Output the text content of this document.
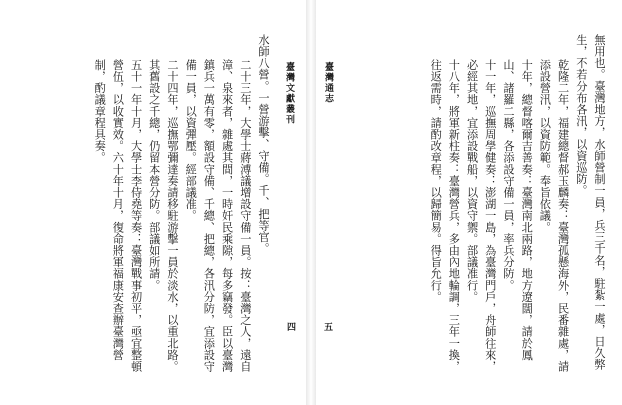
臺灣文獻叢刊

水師八營。一營游擊、守備。千、把等官。

二十三年，大學士蔣溥議增設守備一員。按：臺灣之人，遠自漳、泉來者，雜處其間，一時奸民乘隙，每多竊發。臣以臺灣鎮兵一萬有零，額設守備、千總、把總，各汛分防，宜添設守備一員，以資彈壓。經部議准。

二十四年，巡撫鄂彌達奏請移駐游擊一員於淡水，以重北路。其舊設之千總，仍留本營分防。部議如所請。

五十一年十月，大學士李侍堯等奏：臺灣戰事初平，亟宜整頓營伍，以收實效。六十年十月，復命將軍福康安查辦臺灣營制，酌議章程具奏。

四	無用也。臺灣地方，水師營制一員，兵三千名，駐紮一處，日久弊生，不若分布各汛，以資巡防。

乾隆二年，福建總督郝玉麟奏：臺灣孤懸海外，民番雜處，請添設營汛，以資防範。奉旨依議。

十年，總督喀爾吉善奏：臺灣南北兩路，地方遼闊，請於鳳山、諸羅二縣，各添設守備一員，率兵分防。

十一年，巡撫周學健奏：澎湖一島，為臺灣門戶，舟師往來，必經其地，宜添設戰船，以資守禦。部議准行。

十八年，將軍新柱奏：臺灣營兵，多由內地輪調，三年一換，往返需時，請酌改章程，以歸簡易。得旨允行。

臺灣通志
五
